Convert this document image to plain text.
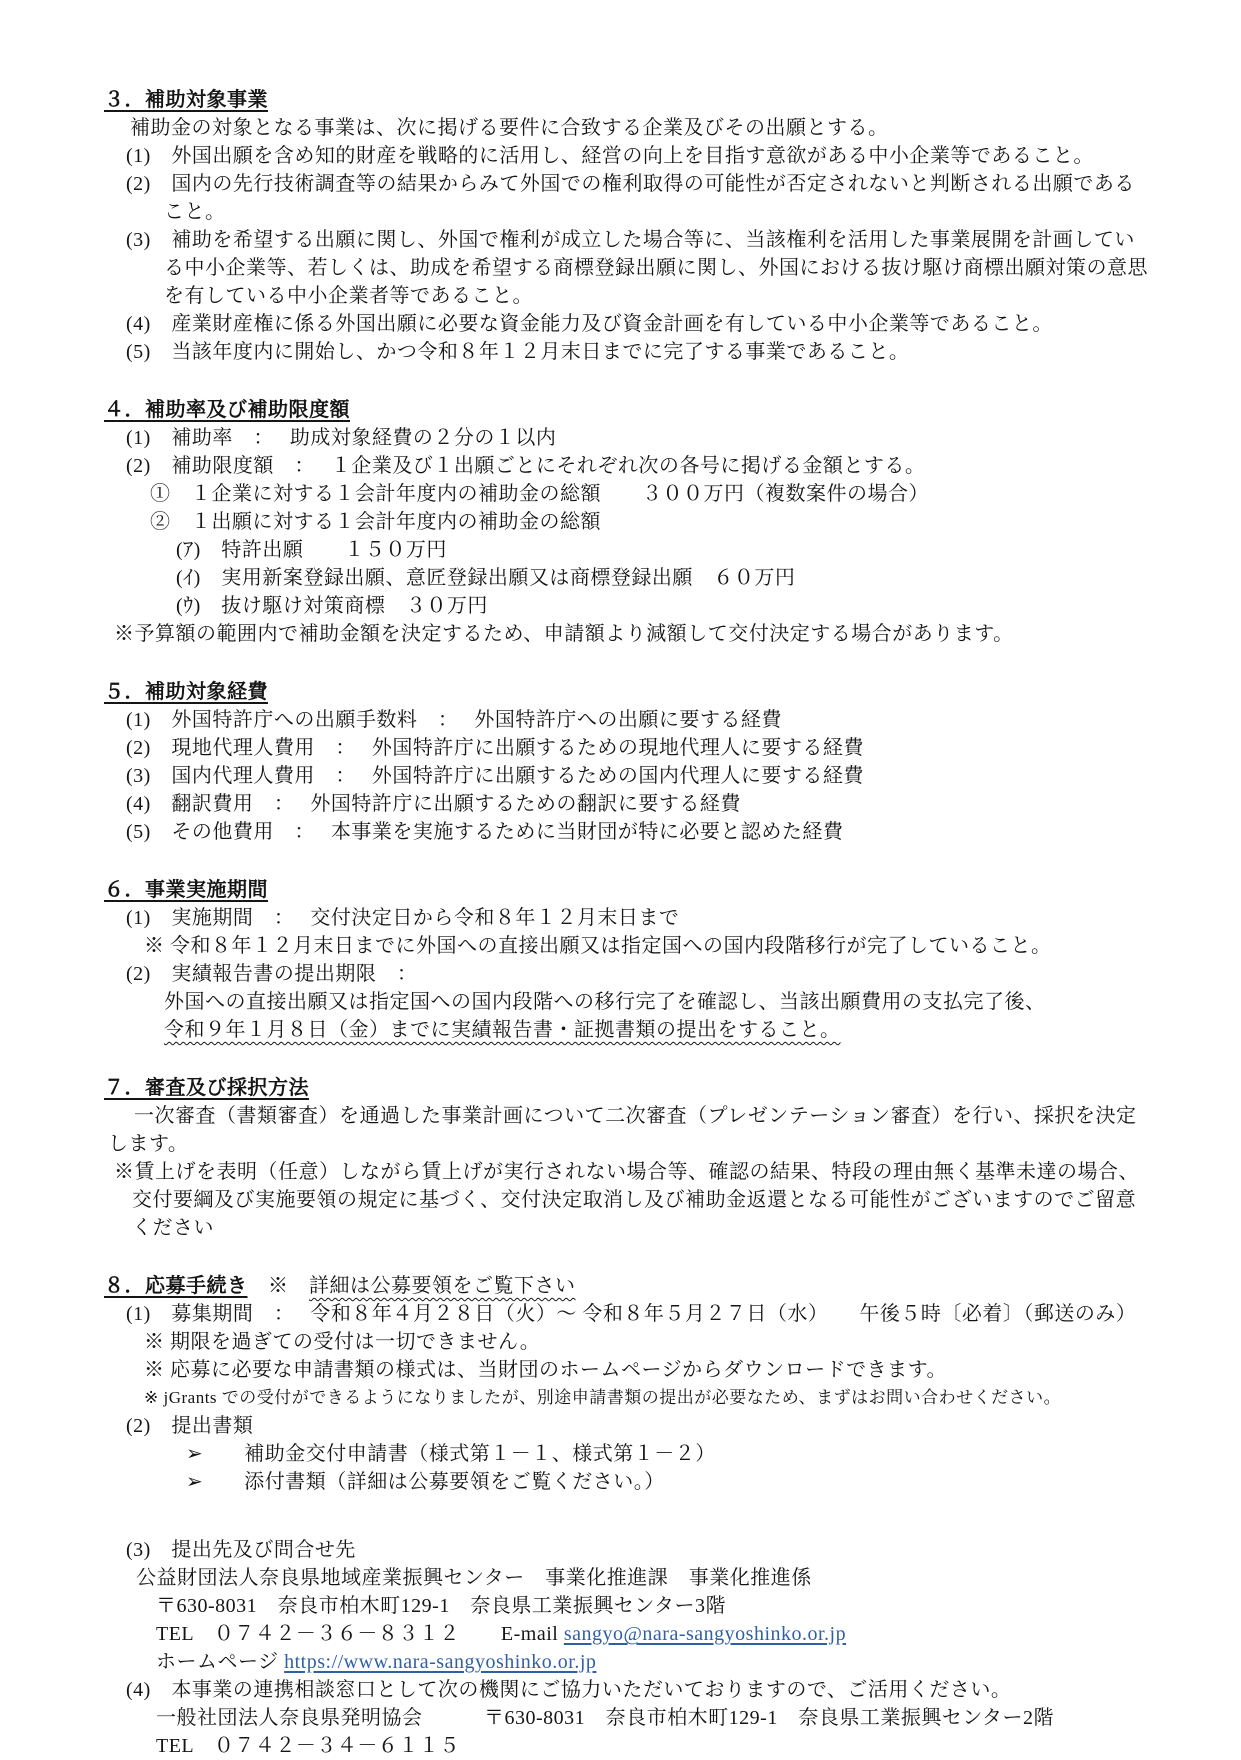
３．補助対象事業
補助金の対象となる事業は、次に掲げる要件に合致する企業及びその出願とする。
(1)　外国出願を含め知的財産を戦略的に活用し、経営の向上を目指す意欲がある中小企業等であること。
(2)　国内の先行技術調査等の結果からみて外国での権利取得の可能性が否定されないと判断される出願であること。
(3)　補助を希望する出願に関し、外国で権利が成立した場合等に、当該権利を活用した事業展開を計画している中小企業等、若しくは、助成を希望する商標登録出願に関し、外国における抜け駆け商標出願対策の意思を有している中小企業者等であること。
(4)　産業財産権に係る外国出願に必要な資金能力及び資金計画を有している中小企業等であること。
(5)　当該年度内に開始し、かつ令和８年１２月末日までに完了する事業であること。
４．補助率及び補助限度額
(1)　補助率　：　 助成対象経費の２分の１以内
(2)　補助限度額　：　 １企業及び１出願ごとにそれぞれ次の各号に掲げる金額とする。
①　１企業に対する１会計年度内の補助金の総額　　３００万円（複数案件の場合）
②　１出願に対する１会計年度内の補助金の総額
(ｱ)　特許出願　　１５０万円
(ｲ)　実用新案登録出願、意匠登録出願又は商標登録出願　６０万円
(ｳ)　抜け駆け対策商標　３０万円
※予算額の範囲内で補助金額を決定するため、申請額より減額して交付決定する場合があります。
５．補助対象経費
(1)　外国特許庁への出願手数料　：　 外国特許庁への出願に要する経費
(2)　現地代理人費用　：　 外国特許庁に出願するための現地代理人に要する経費
(3)　国内代理人費用　：　 外国特許庁に出願するための国内代理人に要する経費
(4)　翻訳費用　：　 外国特許庁に出願するための翻訳に要する経費
(5)　その他費用　：　 本事業を実施するために当財団が特に必要と認めた経費
６．事業実施期間
(1)　実施期間　：　 交付決定日から令和８年１２月末日まで
※ 令和８年１２月末日までに外国への直接出願又は指定国への国内段階移行が完了していること。
(2)　実績報告書の提出期限　：
外国への直接出願又は指定国への国内段階への移行完了を確認し、当該出願費用の支払完了後、
令和９年１月８日（金）までに実績報告書・証拠書類の提出をすること。
７．審査及び採択方法
一次審査（書類審査）を通過した事業計画について二次審査（プレゼンテーション審査）を行い、採択を決定します。
※賃上げを表明（任意）しながら賃上げが実行されない場合等、確認の結果、特段の理由無く基準未達の場合、交付要綱及び実施要領の規定に基づく、交付決定取消し及び補助金返還となる可能性がございますのでご留意ください
８．応募手続き　※　詳細は公募要領をご覧下さい
(1)　募集期間　：　 令和８年４月２８日（火）～ 令和８年５月２７日（水）　　午後５時〔必着〕（郵送のみ）
※ 期限を過ぎての受付は一切できません。
※ 応募に必要な申請書類の様式は、当財団のホームページからダウンロードできます。
※ jGrants での受付ができるようになりましたが、別途申請書類の提出が必要なため、まずはお問い合わせください。
(2)　提出書類
➢　　補助金交付申請書（様式第１－１、様式第１－２）
➢　　添付書類（詳細は公募要領をご覧ください。）
(3)　提出先及び問合せ先
公益財団法人奈良県地域産業振興センター　事業化推進課　事業化推進係
〒630-8031　奈良市柏木町129-1　奈良県工業振興センター3階
TEL　０７４２－３６－８３１２　　E-mail sangyo@nara-sangyoshinko.or.jp
ホームページ https://www.nara-sangyoshinko.or.jp
(4)　本事業の連携相談窓口として次の機関にご協力いただいておりますので、ご活用ください。
一般社団法人奈良県発明協会　　　〒630-8031　奈良市柏木町129-1　奈良県工業振興センター2階
TEL　０７４２－３４－６１１５
